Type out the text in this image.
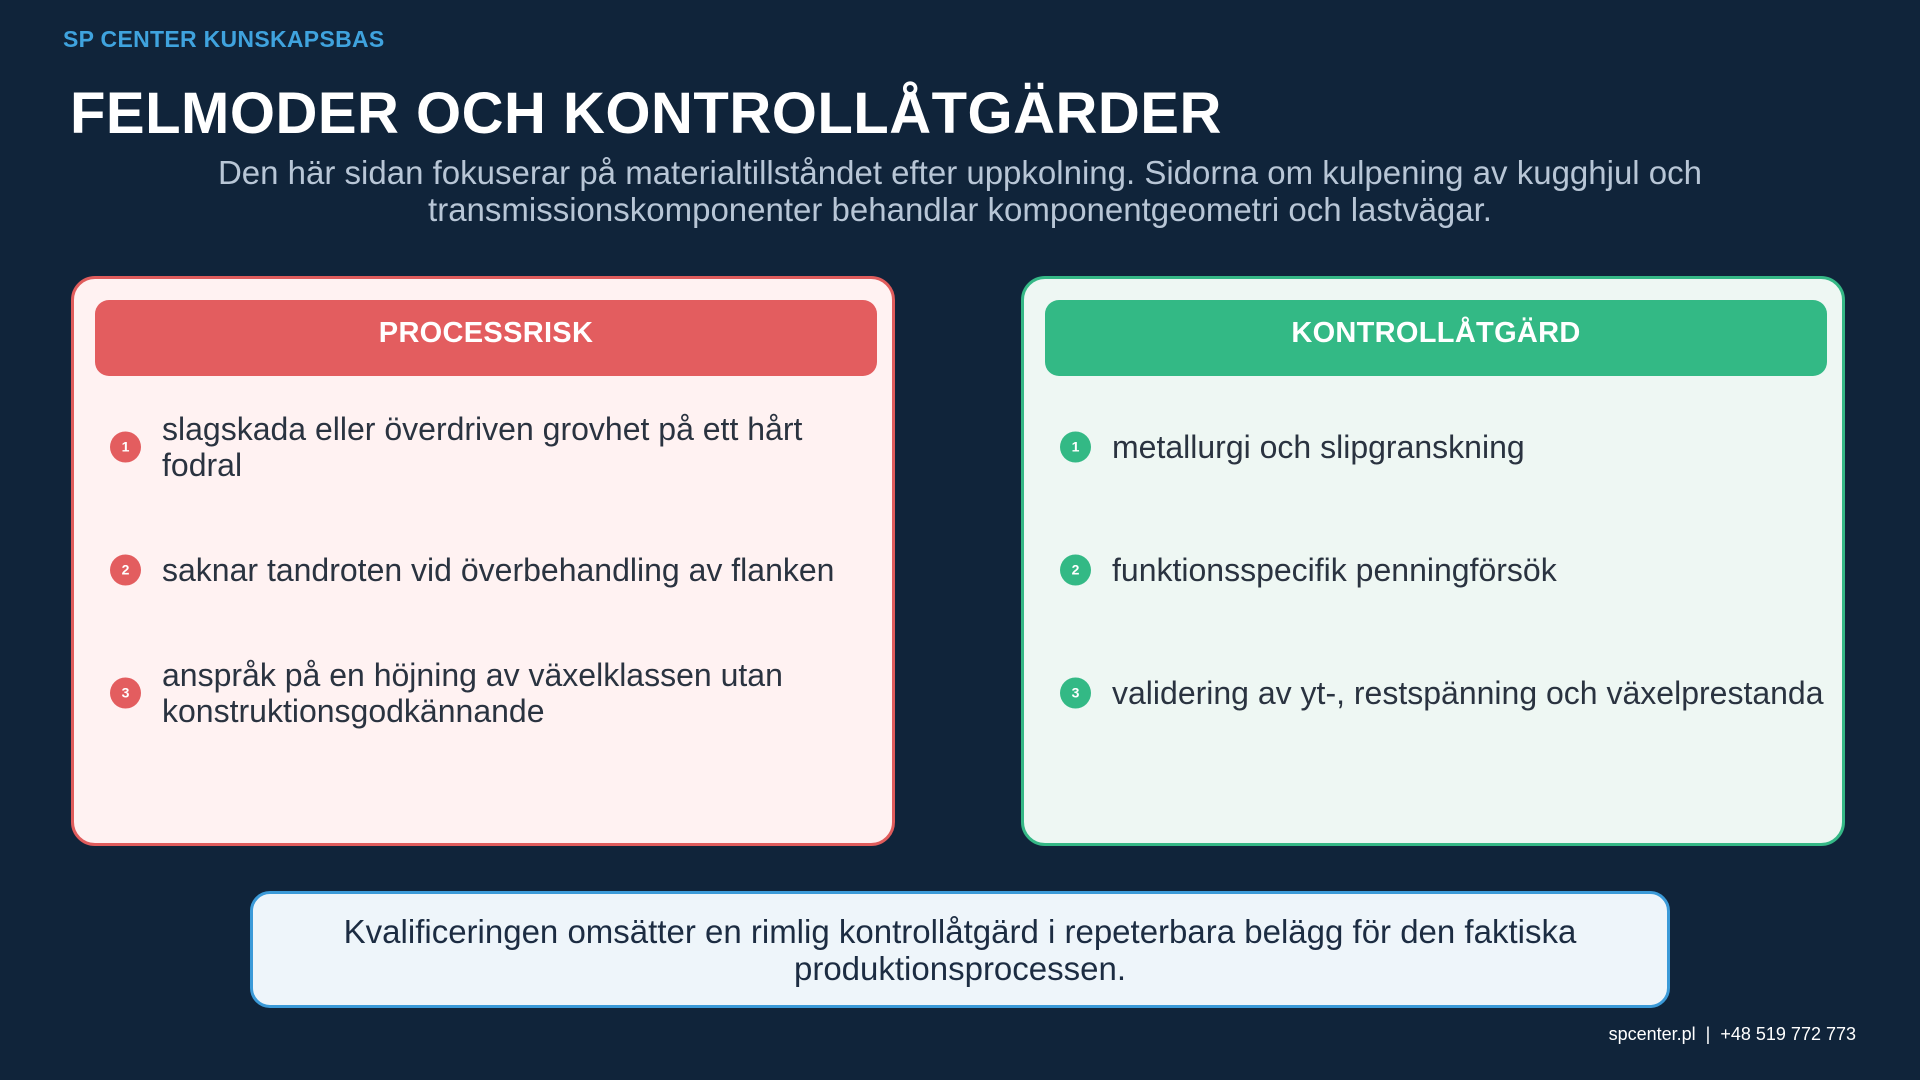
SP CENTER KUNSKAPSBAS
FELMODER OCH KONTROLLÅTGÄRDER
Den här sidan fokuserar på materialtillståndet efter uppkolning. Sidorna om kulpening av kugghjul och transmissionskomponenter behandlar komponentgeometri och lastvägar.
PROCESSRISK
1	slagskada eller överdriven grovhet på ett hårt fodral
2	saknar tandroten vid överbehandling av flanken
3	anspråk på en höjning av växelklassen utan konstruktionsgodkännande
KONTROLLÅTGÄRD
1	metallurgi och slipgranskning
2	funktionsspecifik penningförsök
3	validering av yt-, restspänning och växelprestanda
Kvalificeringen omsätter en rimlig kontrollåtgärd i repeterbara belägg för den faktiska produktionsprocessen.
spcenter.pl  |  +48 519 772 773
